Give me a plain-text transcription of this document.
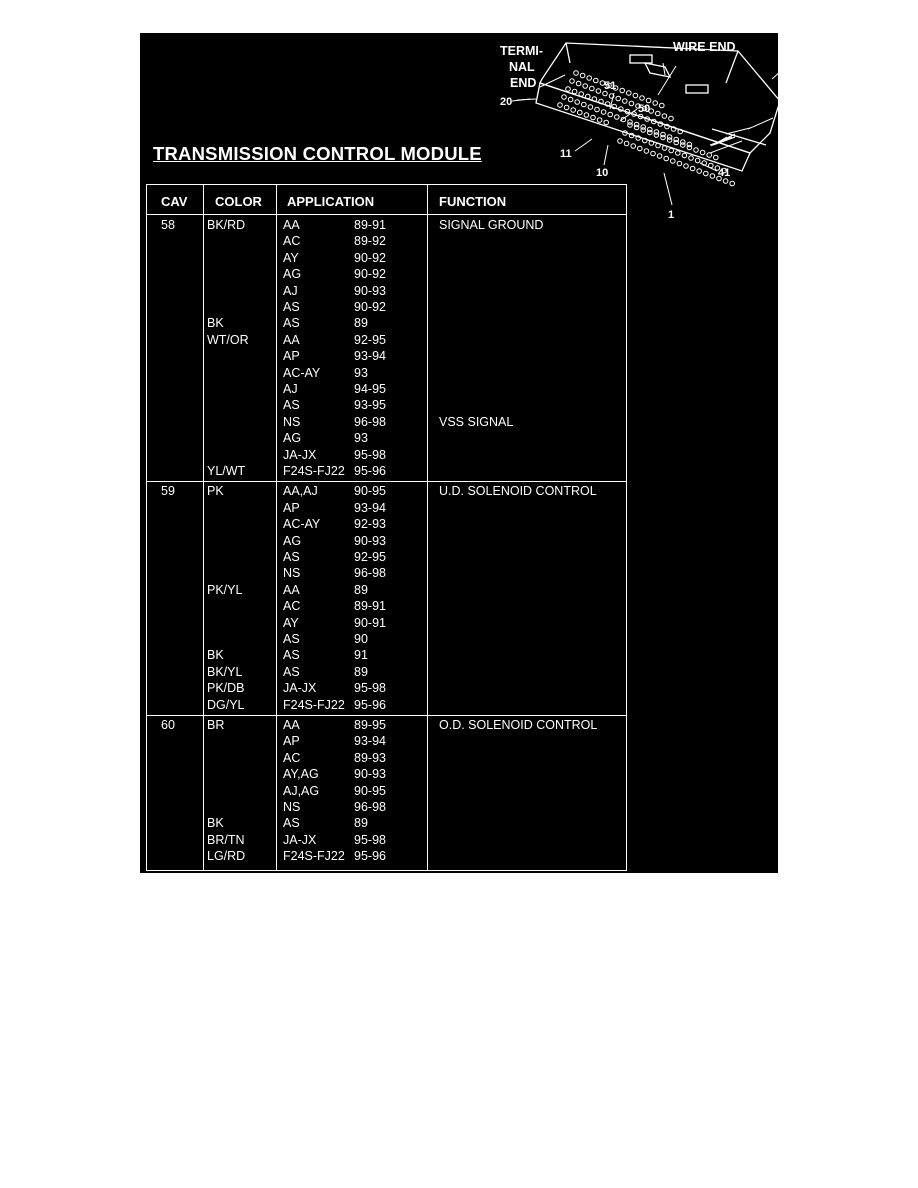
TRANSMISSION CONTROL MODULE
TERMI-
NAL
END
WIRE END
20
51
50
11
10	41
1
CAV COLOR APPLICATION	FUNCTION
58	BK/RD	AA	89-91	SIGNAL GROUND
AC	89-92
AY	90-92
AG	90-92
AJ	90-93
AS	90-92
BK	AS	89
WT/OR	AA	92-95
AP	93-94
AC-AY	93
AJ	94-95
AS	93-95
NS	96-98	VSS SIGNAL
AG	93
JA-JX	95-98
YL/WT	F24S-FJ22 95-96
59	PK	AA,AJ	90-95	U.D. SOLENOID CONTROL
AP	93-94
AC-AY	92-93
AG	90-93
AS	92-95
NS	96-98
PK/YL	AA	89
AC	89-91
AY	90-91
AS	90
BK	AS	91
BK/YL	AS	89
PK/DB	JA-JX	95-98
DG/YL	F24S-FJ22 95-96
60	BR	AA	89-95	O.D. SOLENOID CONTROL
AP	93-94
AC	89-93
AY,AG	90-93
AJ,AG	90-95
NS	96-98
BK	AS	89
BR/TN	JA-JX	95-98
LG/RD	F24S-FJ22 95-96
